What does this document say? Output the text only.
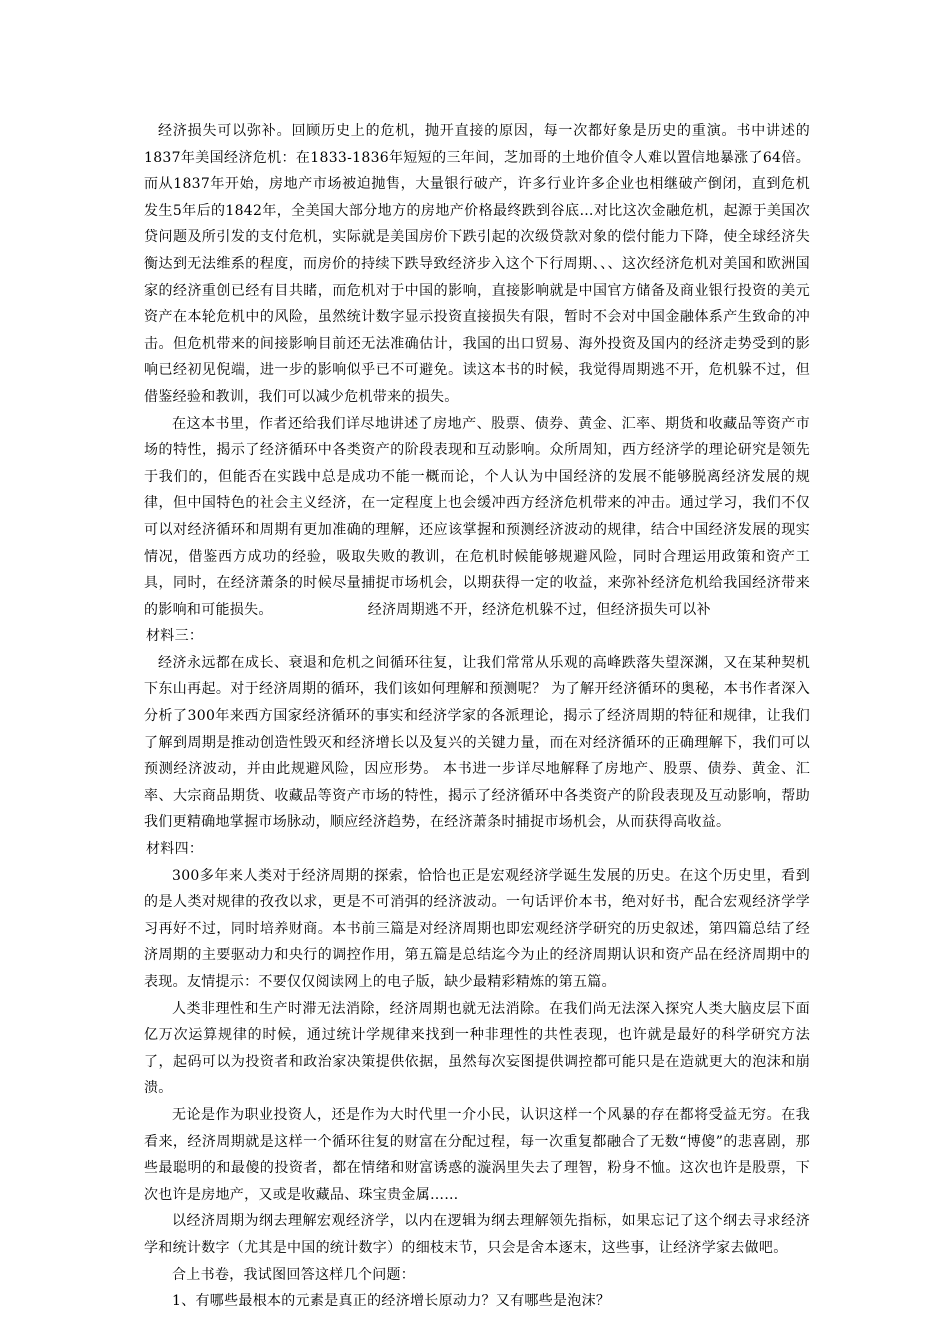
经济损失可以弥补。回顾历史上的危机，抛开直接的原因，每一次都好象是历史的重演。书中讲述的1837年美国经济危机：在1833-1836年短短的三年间，芝加哥的土地价值令人难以置信地暴涨了64倍。而从1837年开始，房地产市场被迫抛售，大量银行破产，许多行业许多企业也相继破产倒闭，直到危机发生5年后的1842年，全美国大部分地方的房地产价格最终跌到谷底…对比这次金融危机，起源于美国次贷问题及所引发的支付危机，实际就是美国房价下跌引起的次级贷款对象的偿付能力下降，使全球经济失衡达到无法维系的程度，而房价的持续下跌导致经济步入这个下行周期、、、这次经济危机对美国和欧洲国家的经济重创已经有目共睹，而危机对于中国的影响，直接影响就是中国官方储备及商业银行投资的美元资产在本轮危机中的风险，虽然统计数字显示投资直接损失有限，暂时不会对中国金融体系产生致命的冲击。但危机带来的间接影响目前还无法准确估计，我国的出口贸易、海外投资及国内的经济走势受到的影响已经初见倪端，进一步的影响似乎已不可避免。读这本书的时候，我觉得周期逃不开，危机躲不过，但借鉴经验和教训，我们可以减少危机带来的损失。

在这本书里，作者还给我们详尽地讲述了房地产、股票、债券、黄金、汇率、期货和收藏品等资产市场的特性，揭示了经济循环中各类资产的阶段表现和互动影响。众所周知，西方经济学的理论研究是领先于我们的，但能否在实践中总是成功不能一概而论，个人认为中国经济的发展不能够脱离经济发展的规律，但中国特色的社会主义经济，在一定程度上也会缓冲西方经济危机带来的冲击。通过学习，我们不仅可以对经济循环和周期有更加准确的理解，还应该掌握和预测经济波动的规律，结合中国经济发展的现实情况，借鉴西方成功的经验，吸取失败的教训，在危机时候能够规避风险，同时合理运用政策和资产工具，同时，在经济萧条的时候尽量捕捉市场机会，以期获得一定的收益，来弥补经济危机给我国经济带来的影响和可能损失。	经济周期逃不开，经济危机躲不过，但经济损失可以补

材料三：

经济永远都在成长、衰退和危机之间循环往复，让我们常常从乐观的高峰跌落失望深渊，又在某种契机下东山再起。对于经济周期的循环，我们该如何理解和预测呢？ 为了解开经济循环的奥秘，本书作者深入分析了300年来西方国家经济循环的事实和经济学家的各派理论，揭示了经济周期的特征和规律，让我们了解到周期是推动创造性毁灭和经济增长以及复兴的关键力量，而在对经济循环的正确理解下，我们可以预测经济波动，并由此规避风险，因应形势。 本书进一步详尽地解释了房地产、股票、债券、黄金、汇率、大宗商品期货、收藏品等资产市场的特性，揭示了经济循环中各类资产的阶段表现及互动影响，帮助我们更精确地掌握市场脉动，顺应经济趋势，在经济萧条时捕捉市场机会，从而获得高收益。

材料四：

300多年来人类对于经济周期的探索，恰恰也正是宏观经济学诞生发展的历史。在这个历史里，看到的是人类对规律的孜孜以求，更是不可消弭的经济波动。一句话评价本书，绝对好书，配合宏观经济学学习再好不过，同时培养财商。本书前三篇是对经济周期也即宏观经济学研究的历史叙述，第四篇总结了经济周期的主要驱动力和央行的调控作用，第五篇是总结迄今为止的经济周期认识和资产品在经济周期中的表现。友情提示：不要仅仅阅读网上的电子版，缺少最精彩精炼的第五篇。

人类非理性和生产时滞无法消除，经济周期也就无法消除。在我们尚无法深入探究人类大脑皮层下面亿万次运算规律的时候，通过统计学规律来找到一种非理性的共性表现，也许就是最好的科学研究方法了，起码可以为投资者和政治家决策提供依据，虽然每次妄图提供调控都可能只是在造就更大的泡沫和崩溃。

无论是作为职业投资人，还是作为大时代里一介小民，认识这样一个风暴的存在都将受益无穷。在我看来，经济周期就是这样一个循环往复的财富在分配过程，每一次重复都融合了无数“博傻”的悲喜剧，那些最聪明的和最傻的投资者，都在情绪和财富诱惑的漩涡里失去了理智，粉身不恤。这次也许是股票，下次也许是房地产，又或是收藏品、珠宝贵金属……

以经济周期为纲去理解宏观经济学，以内在逻辑为纲去理解领先指标，如果忘记了这个纲去寻求经济学和统计数字（尤其是中国的统计数字）的细枝末节，只会是舍本逐末，这些事，让经济学家去做吧。

合上书卷，我试图回答这样几个问题：

1、有哪些最根本的元素是真正的经济增长原动力？又有哪些是泡沫？
